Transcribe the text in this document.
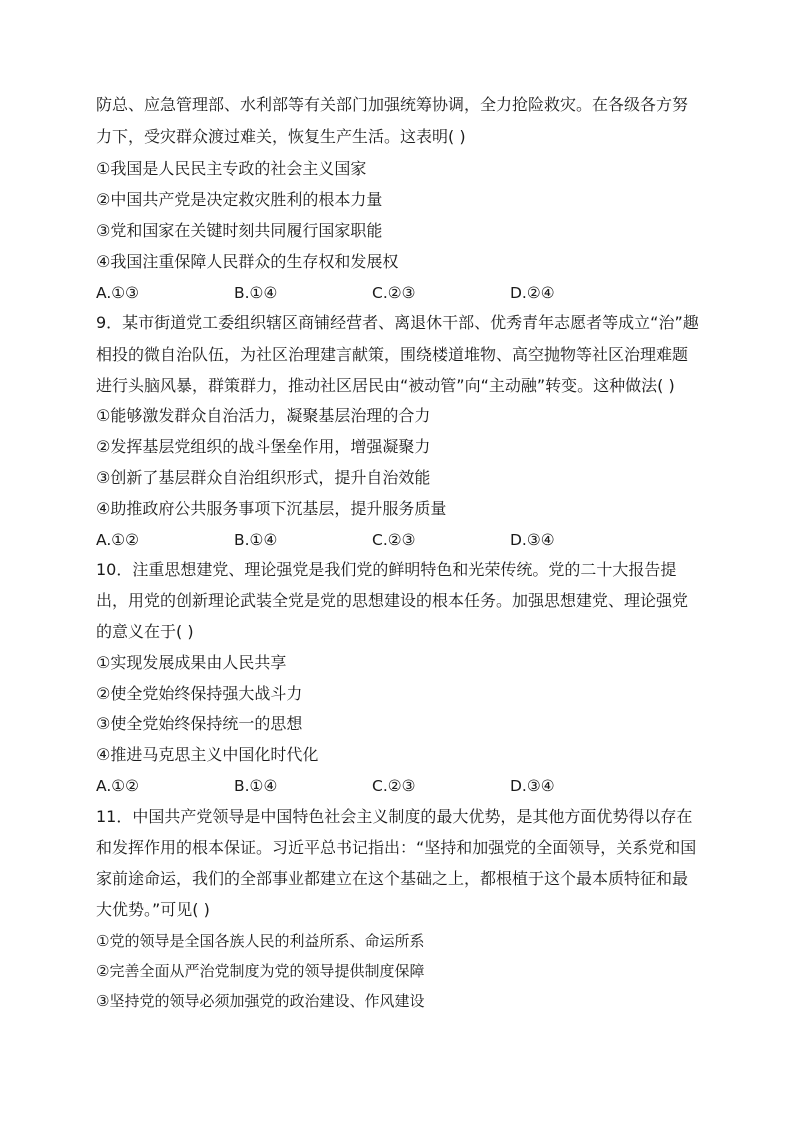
防总、应急管理部、水利部等有关部门加强统筹协调，全力抢险救灾。在各级各方努
力下，受灾群众渡过难关，恢复生产生活。这表明( )
①我国是人民民主专政的社会主义国家
②中国共产党是决定救灾胜利的根本力量
③党和国家在关键时刻共同履行国家职能
④我国注重保障人民群众的生存权和发展权
A.①③	B.①④	C.②③	D.②④
9．某市街道党工委组织辖区商铺经营者、离退休干部、优秀青年志愿者等成立“治”趣
相投的微自治队伍，为社区治理建言献策，围绕楼道堆物、高空抛物等社区治理难题
进行头脑风暴，群策群力，推动社区居民由“被动管”向“主动融”转变。这种做法( )
①能够激发群众自治活力，凝聚基层治理的合力
②发挥基层党组织的战斗堡垒作用，增强凝聚力
③创新了基层群众自治组织形式，提升自治效能
④助推政府公共服务事项下沉基层，提升服务质量
A.①②	B.①④	C.②③	D.③④
10．注重思想建党、理论强党是我们党的鲜明特色和光荣传统。党的二十大报告提
出，用党的创新理论武装全党是党的思想建设的根本任务。加强思想建党、理论强党
的意义在于( )
①实现发展成果由人民共享
②使全党始终保持强大战斗力
③使全党始终保持统一的思想
④推进马克思主义中国化时代化
A.①②	B.①④	C.②③	D.③④
11．中国共产党领导是中国特色社会主义制度的最大优势，是其他方面优势得以存在
和发挥作用的根本保证。习近平总书记指出：“坚持和加强党的全面领导，关系党和国
家前途命运，我们的全部事业都建立在这个基础之上，都根植于这个最本质特征和最
大优势。”可见( )
①党的领导是全国各族人民的利益所系、命运所系
②完善全面从严治党制度为党的领导提供制度保障
③坚持党的领导必须加强党的政治建设、作风建设
